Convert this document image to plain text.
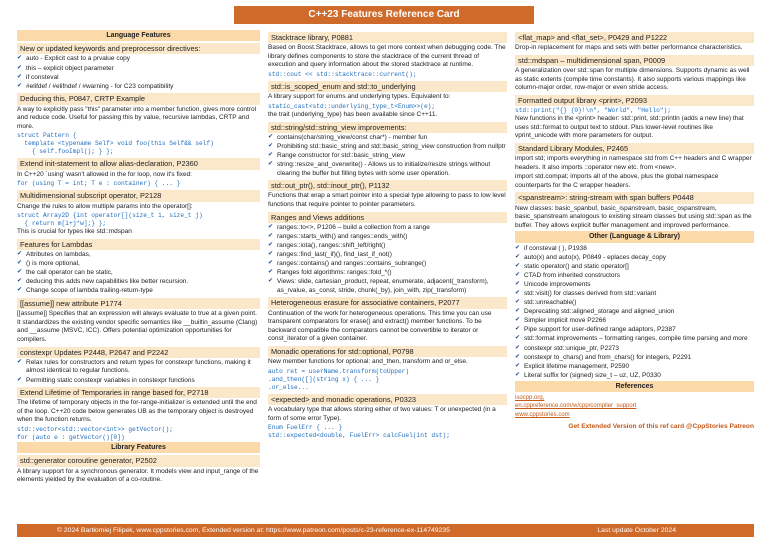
C++23 Features Reference Card
Language Features
New or updated keywords and preprocessor directives:
✔ auto - Explicit cast to a prvalue copy
✔ this – explicit object parameter
✔ if consteval
✔ #elifdef / #elifndef / #warning - for C23 compatibility
Deducing this, P0847, CRTP Example

A way to explicitly pass "this" parameter into a member function, gives more control and reduce code. Useful for passing this by value, recursive lambdas, CRTP and more.

struct Pattern {
template <typename Self> void foo(this Self&& self)
{ self.fooImpl(); } };
Extend init-statement to allow alias-declaration, P2360

In C++20 `using' wasn't allowed in the for loop, now it's fixed:

for (using T = int; T e : container) { ... }
Multidimensional subscript operator, P2128

Change the rules to allow multiple params into the operator[]:

struct Array2D {int operator[](size_t i, size_t j)
{ return m[i+j*w];} };

This is crucial for types like std::mdspan

Features for Lambdas
✔ Attributes on lambdas,
✔ () is more optional,
✔ the call operator can be static,
✔ deducing this adds new capabilities like better recursion.
✔ Change scope of lambda trailing-return-type
[[assume]] new attribute P1774

[[assume]] Specifies that an expression will always evaluate to true at a given point. It standardizes the existing vendor specific semantics like __builtin_assume (Clang) and __assume (MSVC, ICC). Offers potential optimization opportunities for compilers.

constexpr Updates P2448, P2647 and P2242
✔ Relax rules for constructors and return types for constexpr functions, making it almost identical to regular functions.
✔ Permitting static constexpr variables in constexpr functions
Extend Lifetime of Temporaries in range based for, P2718

The lifetime of temporary objects in the for-range-initializer is extended until the end of the loop. C++20 code below generates UB as the temporary object is destroyed when the function returns.

std::vector<std::vector<int>> getVector();
for (auto e : getVector()[0])
Library Features
std::generator coroutine generator, P2502

A library support for a synchronous generator. It models view and input_range of the elements yielded by the evaluation of a co-routine.

Stacktrace library, P0881

Based on Boost.Stacktrace, allows to get more context when debugging code. The library defines components to store the stacktrace of the current thread of execution and query information about the stored stacktrace at runtime.

std::cout << std::stacktrace::current();
std::is_scoped_enum and std::to_underlying

A library support for enums and underlying types. Equivalent to:

static_cast<std::underlying_type_t<Enum>>(e);

the trait (underlying_type) has been available since C++11.

std::string/std::string_view improvements:
✔ contains(char/string_view/const char*) - member fun
✔ Prohibiting std::basic_string and std::basic_string_view construction from nullptr
✔ Range constructor for std::basic_string_view
✔ string::resize_and_overwrite() - Allows us to initialize/resize strings without clearing the buffer but filling bytes with some user operation.
std::out_ptr(), std::inout_ptr(), P1132

Functions that wrap a smart pointer into a special type allowing to pass to low level functions that require pointer to pointer parameters.

Ranges and Views additions
✔ ranges::to<>, P1206 – build a collection from a range
✔ ranges::starts_with() and ranges::ends_with()
✔ ranges::iota(), ranges::shift_left/right()
✔ ranges::find_last(_if)(), find_last_if_not()
✔ ranges::contains() and ranges::contains_subrange()
✔ Ranges fold algorithms: ranges::fold_*()
✔ Views: slide, cartesian_product, repeat, enumerate, adjacent(_transform), as_rvalue, as_const, stride, chunk(_by), join_with, zip(_transform)
Heterogeneous erasure for associative containers, P2077

Continuation of the work for heterogeneous operations. This time you can use transparent comparators for erase() and extract() member functions. To be backward compatible the comparators cannot be convertible to iterator or const_iterator of a given container.

Monadic operations for std::optional, P0798

New member functions for optional: and_then, transform and or_else.

auto ret = userName.transform(toUpper)
.and_then([](string x) { ... }
.or_else...
<expected> and monadic operations, P0323

A vocabulary type that allows storing either of two values: T or unexpected (in a form of some error Type).

Enum FuelErr { ... }
std::expected<double, FuelErr> calcFuel(int dst);
<flat_map> and <flat_set>, P0429 and P1222

Drop-in replacement for maps and sets with better performance characteristics.

std::mdspan – multidimensional span, P0009

A generalization over std::span for multiple dimensions. Supports dynamic as well as static extents (compile time constants). It also supports various mappings like column-major order, row-major or even stride access.

Formatted output library <print>, P2093
std::print("{} {0}!\n", "World", "Hello");

New functions in the <print> header: std::print, std::println (adds a new line) that uses std::format to output text to stdout. Plus lower-level routines like vprint_unicode with more parameters for output.

Standard Library Modules, P2465

import std; imports everything in namespace std from C++ headers and C wrapper headers. It also imports ::operator new etc. from <new>.

import std.compat; imports all of the above, plus the global namespace counterparts for the C wrapper headers.

<spanstream>: string-stream with span buffers P0448

New classes: basic_spanbuf, basic_ispanstream, basic_ospanstream, basic_spanstream analogous to existing stream classes but using std::span as the buffer. They allows explicit buffer management and improved performance.

Other (Language & Library)
✔ if consteval ( ), P1938
✔ auto(x) and auto(x), P0849 - eplaces decay_copy
✔ static operator() and static operator[]
✔ CTAD from inherited constructors
✔ Unicode improvements
✔ std::visit() for classes derived from std::variant
✔ std::unreachable()
✔ Deprecating std::aligned_storage and aligned_union
✔ Simpler implicit move P2266
✔ Pipe support for user-defined range adaptors, P2387
✔ std::format improvements – formatting ranges, compile time parsing and more
✔ constexpr std::unique_ptr, P2273
✔ constexpr to_chars() and from_chars() for integers, P2291
✔ Explicit lifetime management, P2590
✔ Literal suffix for (signed) size_t – uz, UZ, P0330
References
isocpp.org,
en.cppreference.com/w/cpp/compiler_support
www.cppstories.com
Get Extended Version of this ref card @CppStories Patreon
© 2024 Bartłomiej Filipek, www.cppstories.com, Extended version at: https://www.patreon.com/posts/c-23-reference-ex-114749235	Last update October 2024
